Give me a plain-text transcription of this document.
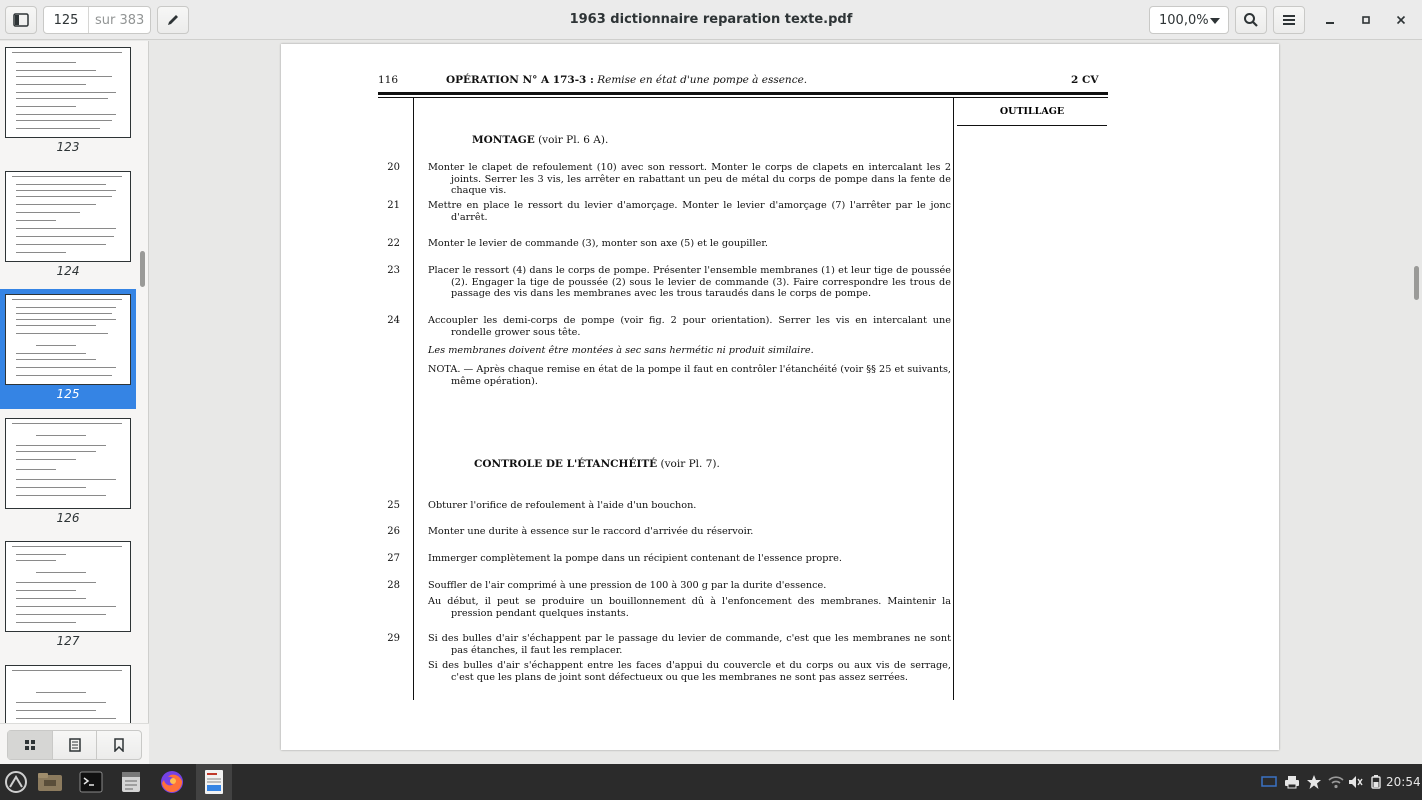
125	sur 383	1963 dictionnaire reparation texte.pdf	100,0%
123
124
125
126
127
116	OPÉRATION N° A 173-3 : Remise en état d'une pompe à essence.	2 CV
OUTILLAGE
MONTAGE (voir Pl. 6 A).
20	Monter le clapet de refoulement (10) avec son ressort. Monter le corps de clapets en intercalant les 2 joints. Serrer les 3 vis, les arrêter en rabattant un peu de métal du corps de pompe dans la fente de chaque vis.
21	Mettre en place le ressort du levier d'amorçage. Monter le levier d'amorçage (7) l'arrêter par le jonc d'arrêt.
22	Monter le levier de commande (3), monter son axe (5) et le goupiller.
23	Placer le ressort (4) dans le corps de pompe. Présenter l'ensemble membranes (1) et leur tige de poussée (2). Engager la tige de poussée (2) sous le levier de commande (3). Faire correspondre les trous de passage des vis dans les membranes avec les trous taraudés dans le corps de pompe.
24	Accoupler les demi-corps de pompe (voir fig. 2 pour orientation). Serrer les vis en intercalant une rondelle grower sous tête.
Les membranes doivent être montées à sec sans hermétic ni produit similaire.
NOTA. — Après chaque remise en état de la pompe il faut en contrôler l'étanchéité (voir §§ 25 et suivants, même opération).
CONTROLE DE L'ÉTANCHÉITÉ (voir Pl. 7).
25	Obturer l'orifice de refoulement à l'aide d'un bouchon.
26	Monter une durite à essence sur le raccord d'arrivée du réservoir.
27	Immerger complètement la pompe dans un récipient contenant de l'essence propre.
28	Souffler de l'air comprimé à une pression de 100 à 300 g par la durite d'essence.
Au début, il peut se produire un bouillonnement dû à l'enfoncement des membranes. Maintenir la pression pendant quelques instants.
29	Si des bulles d'air s'échappent par le passage du levier de commande, c'est que les membranes ne sont pas étanches, il faut les remplacer.
Si des bulles d'air s'échappent entre les faces d'appui du couvercle et du corps ou aux vis de serrage, c'est que les plans de joint sont défectueux ou que les membranes ne sont pas assez serrées.
20:54
